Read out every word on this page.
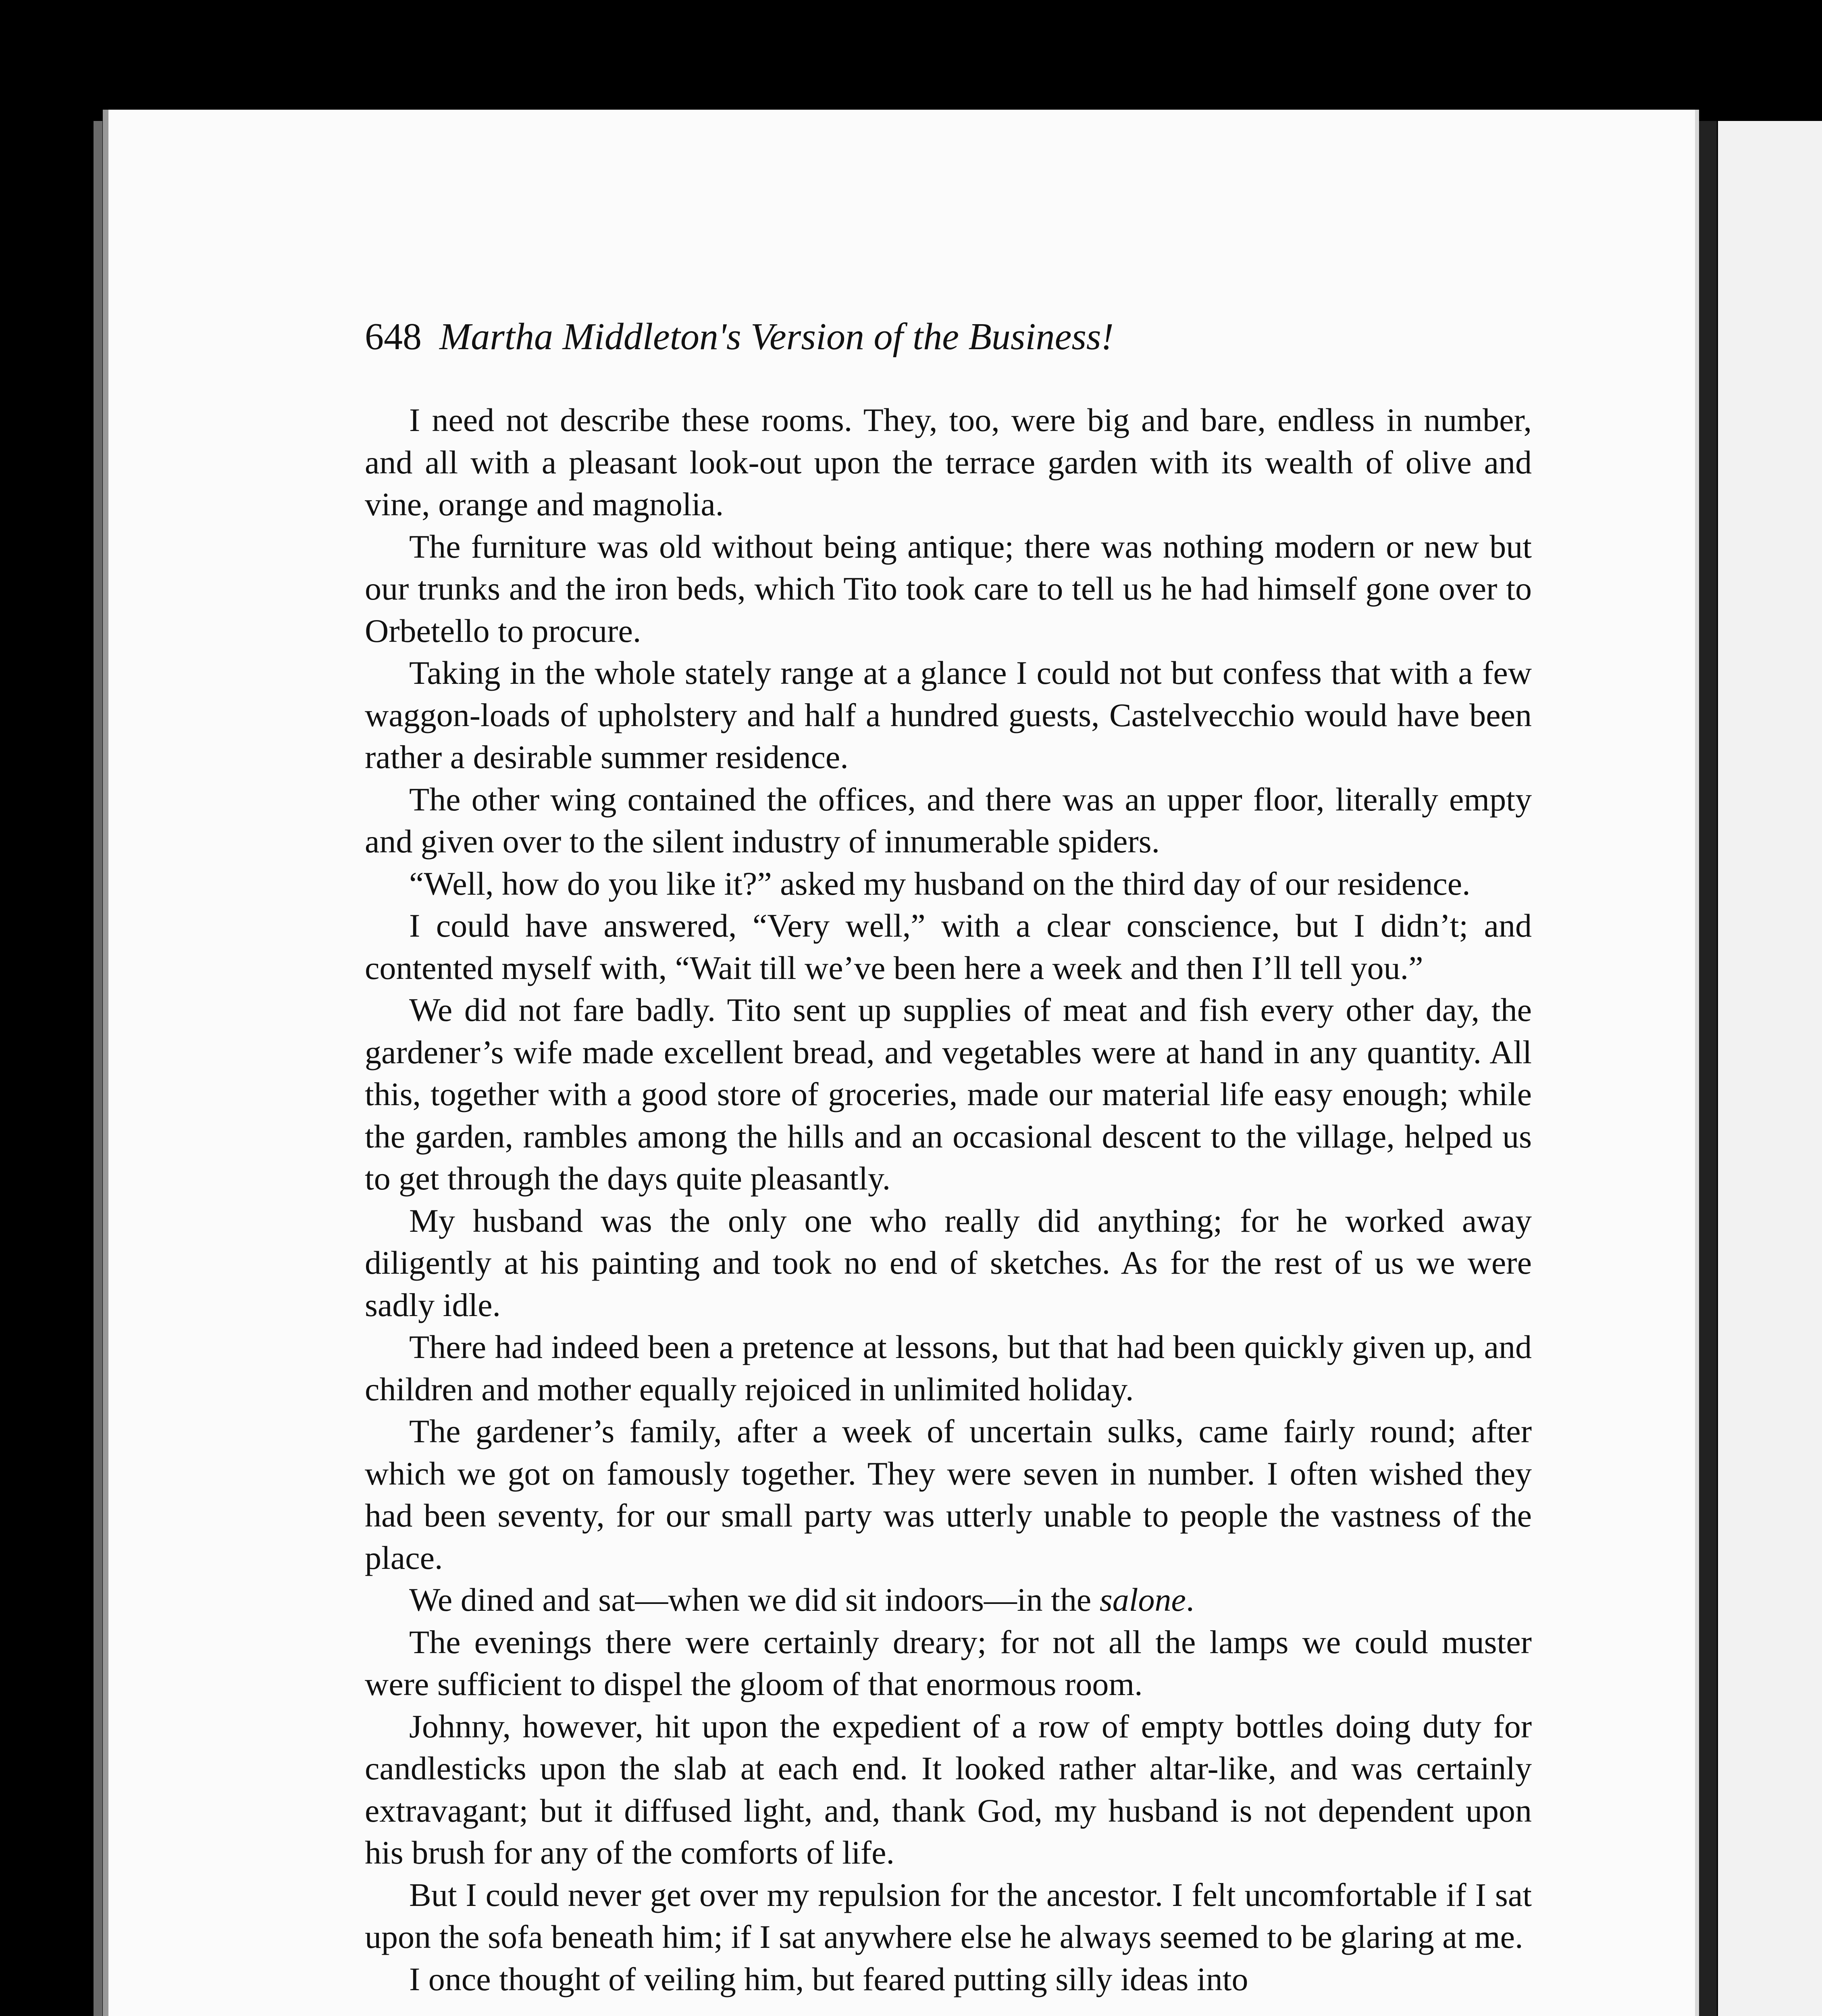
648 Martha Middleton's Version of the Business!

I need not describe these rooms. They, too, were big and bare, endless in number, and all with a pleasant look-out upon the terrace garden with its wealth of olive and vine, orange and magnolia.

The furniture was old without being antique; there was nothing modern or new but our trunks and the iron beds, which Tito took care to tell us he had himself gone over to Orbetello to procure.

Taking in the whole stately range at a glance I could not but confess that with a few waggon-loads of upholstery and half a hundred guests, Castelvecchio would have been rather a desirable summer residence.

The other wing contained the offices, and there was an upper floor, literally empty and given over to the silent industry of innumerable spiders.

“Well, how do you like it?” asked my husband on the third day of our residence.

I could have answered, “Very well,” with a clear conscience, but I didn’t; and contented myself with, “Wait till we’ve been here a week and then I’ll tell you.”

We did not fare badly. Tito sent up supplies of meat and fish every other day, the gardener’s wife made excellent bread, and vegetables were at hand in any quantity. All this, together with a good store of groceries, made our material life easy enough; while the garden, rambles among the hills and an occasional descent to the village, helped us to get through the days quite pleasantly.

My husband was the only one who really did anything; for he worked away diligently at his painting and took no end of sketches. As for the rest of us we were sadly idle.

There had indeed been a pretence at lessons, but that had been quickly given up, and children and mother equally rejoiced in unlimited holiday.

The gardener’s family, after a week of uncertain sulks, came fairly round; after which we got on famously together. They were seven in number. I often wished they had been seventy, for our small party was utterly unable to people the vastness of the place.

We dined and sat—when we did sit indoors—in the salone.

The evenings there were certainly dreary; for not all the lamps we could muster were sufficient to dispel the gloom of that enormous room.

Johnny, however, hit upon the expedient of a row of empty bottles doing duty for candlesticks upon the slab at each end. It looked rather altar-like, and was certainly extravagant; but it diffused light, and, thank God, my husband is not dependent upon his brush for any of the comforts of life.

But I could never get over my repulsion for the ancestor. I felt uncomfortable if I sat upon the sofa beneath him; if I sat anywhere else he always seemed to be glaring at me.

I once thought of veiling him, but feared putting silly ideas into
